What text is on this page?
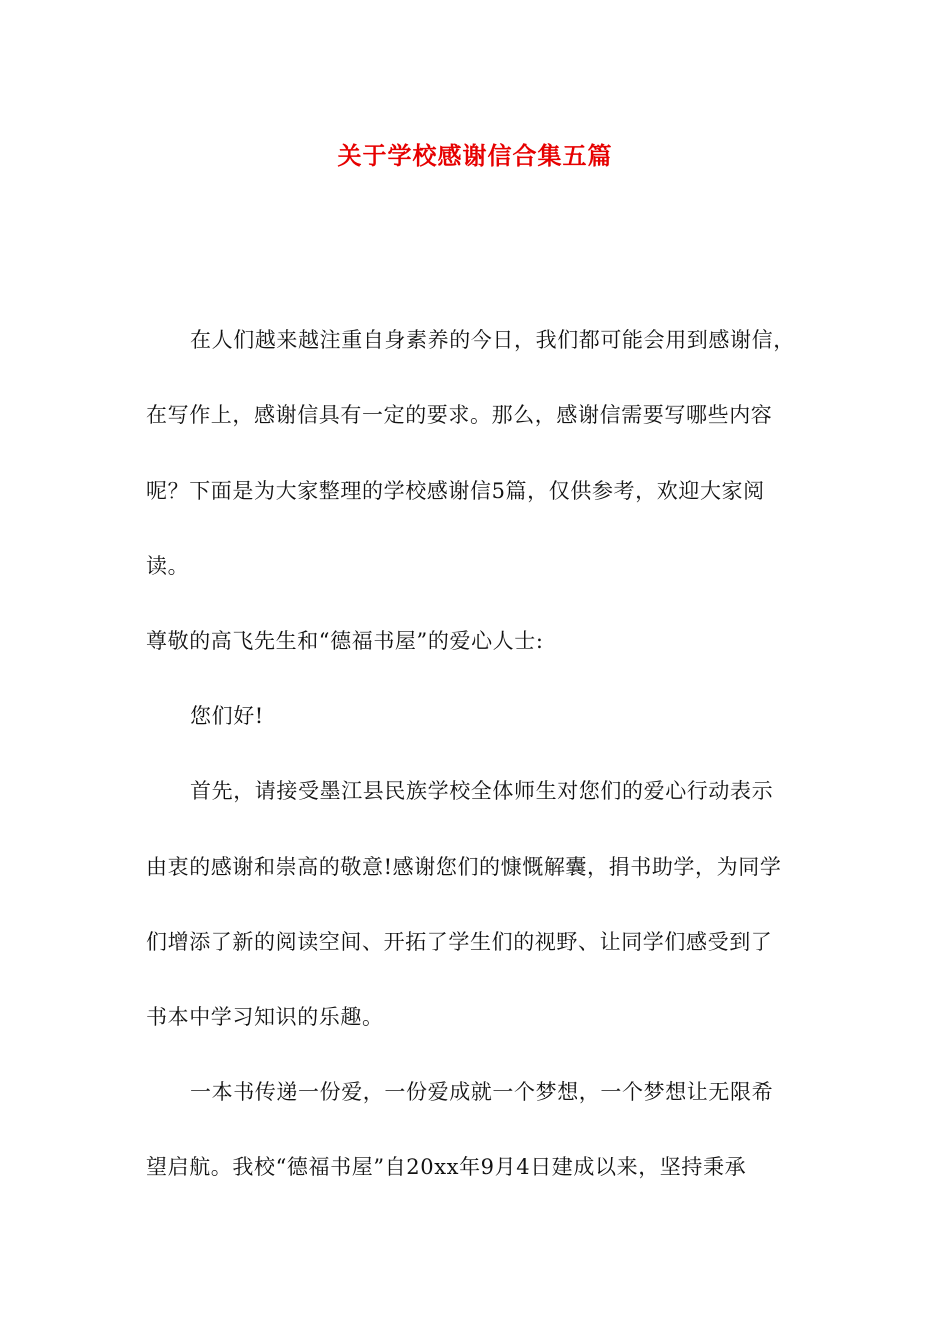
关于学校感谢信合集五篇
在人们越来越注重自身素养的今日，我们都可能会用到感谢信，
在写作上，感谢信具有一定的要求。那么，感谢信需要写哪些内容
呢？下面是为大家整理的学校感谢信5篇，仅供参考，欢迎大家阅
读。
尊敬的高飞先生和“德福书屋”的爱心人士:
您们好!
首先，请接受墨江县民族学校全体师生对您们的爱心行动表示
由衷的感谢和崇高的敬意!感谢您们的慷慨解囊，捐书助学，为同学
们增添了新的阅读空间、开拓了学生们的视野、让同学们感受到了
书本中学习知识的乐趣。
一本书传递一份爱，一份爱成就一个梦想，一个梦想让无限希
望启航。我校“德福书屋”自20xx年9月4日建成以来，坚持秉承
